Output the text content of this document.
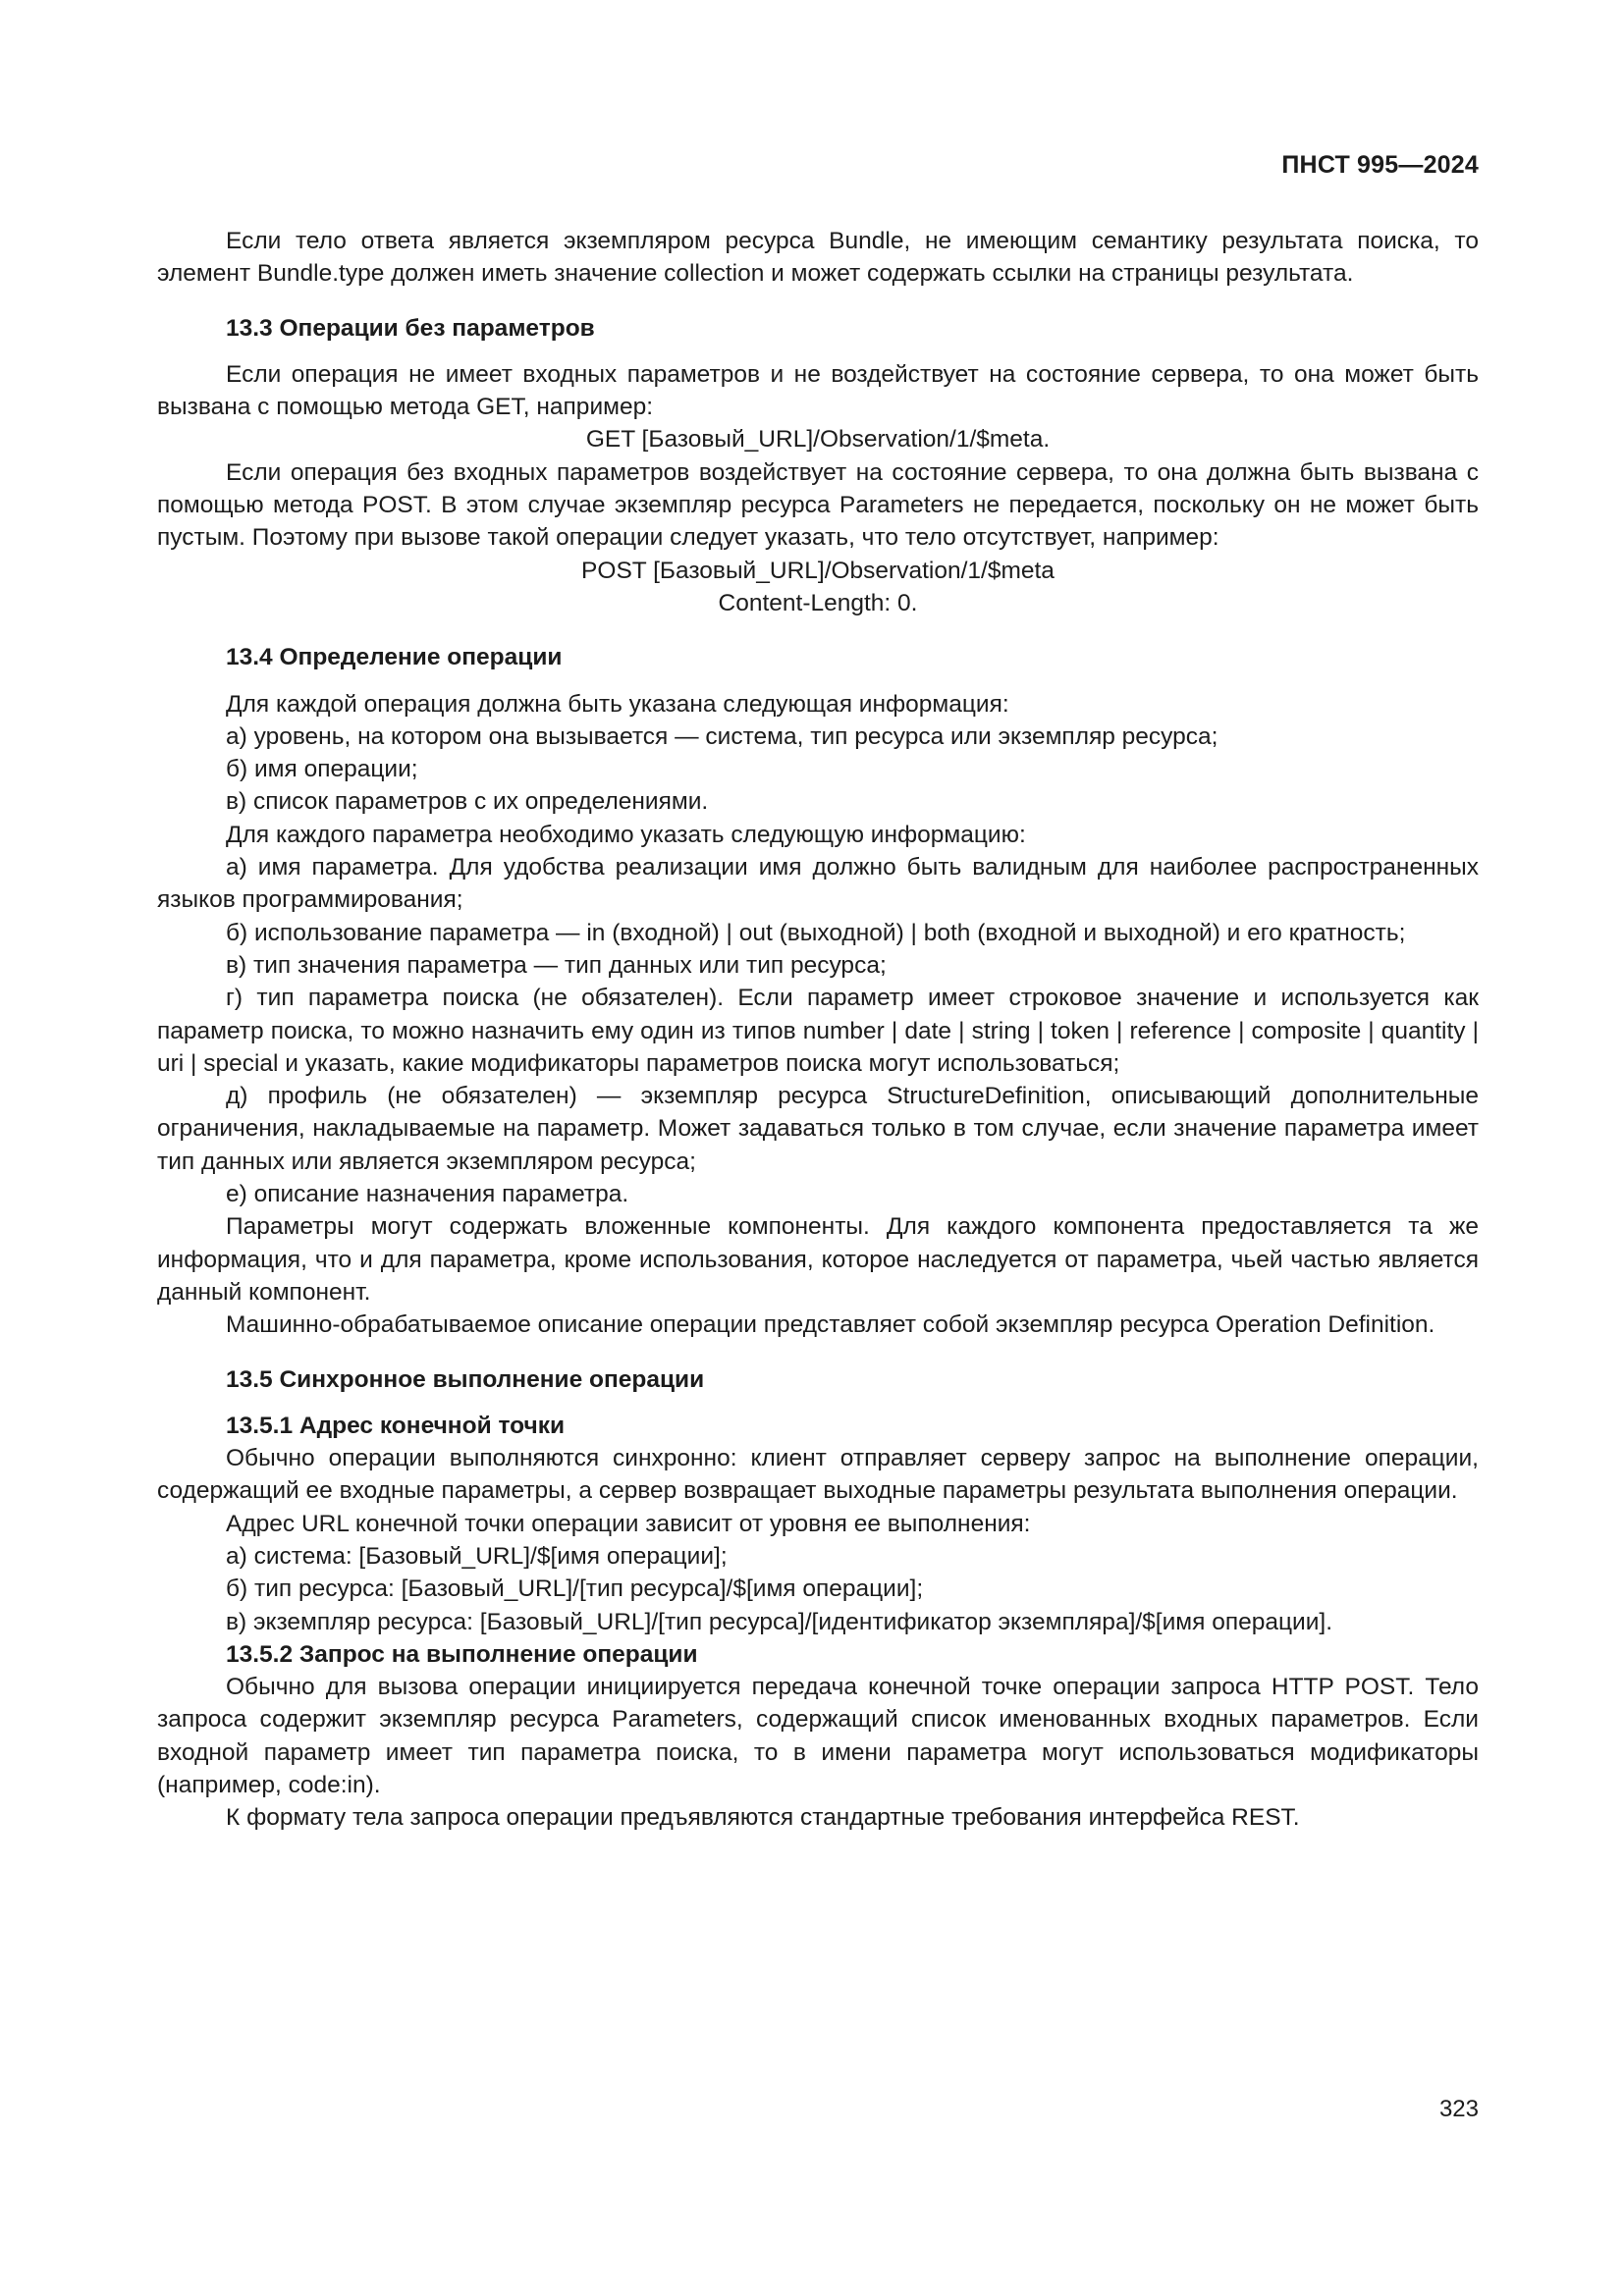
ПНСТ 995—2024

Если тело ответа является экземпляром ресурса Bundle, не имеющим семантику результата поиска, то элемент Bundle.type должен иметь значение collection и может содержать ссылки на страницы результата.

13.3 Операции без параметров

Если операция не имеет входных параметров и не воздействует на состояние сервера, то она может быть вызвана с помощью метода GET, например:

GET [Базовый_URL]/Observation/1/$meta.

Если операция без входных параметров воздействует на состояние сервера, то она должна быть вызвана с помощью метода POST. В этом случае экземпляр ресурса Parameters не передается, поскольку он не может быть пустым. Поэтому при вызове такой операции следует указать, что тело отсутствует, например:

POST [Базовый_URL]/Observation/1/$meta

Content-Length: 0.

13.4 Определение операции

Для каждой операция должна быть указана следующая информация:

а) уровень, на котором она вызывается — система, тип ресурса или экземпляр ресурса;

б) имя операции;

в) список параметров с их определениями.

Для каждого параметра необходимо указать следующую информацию:

а) имя параметра. Для удобства реализации имя должно быть валидным для наиболее распространенных языков программирования;

б) использование параметра — in (входной) | out (выходной) | both (входной и выходной) и его кратность;

в) тип значения параметра — тип данных или тип ресурса;

г) тип параметра поиска (не обязателен). Если параметр имеет строковое значение и используется как параметр поиска, то можно назначить ему один из типов number | date | string | token | reference | composite | quantity | uri | special и указать, какие модификаторы параметров поиска могут использоваться;

д) профиль (не обязателен) — экземпляр ресурса StructureDefinition, описывающий дополнительные ограничения, накладываемые на параметр. Может задаваться только в том случае, если значение параметра имеет тип данных или является экземпляром ресурса;

е) описание назначения параметра.

Параметры могут содержать вложенные компоненты. Для каждого компонента предоставляется та же информация, что и для параметра, кроме использования, которое наследуется от параметра, чьей частью является данный компонент.

Машинно-обрабатываемое описание операции представляет собой экземпляр ресурса Operation Definition.

13.5 Синхронное выполнение операции
13.5.1 Адрес конечной точки

Обычно операции выполняются синхронно: клиент отправляет серверу запрос на выполнение операции, содержащий ее входные параметры, а сервер возвращает выходные параметры результата выполнения операции.

Адрес URL конечной точки операции зависит от уровня ее выполнения:

а) система: [Базовый_URL]/$[имя операции];

б) тип ресурса: [Базовый_URL]/[тип ресурса]/$[имя операции];

в) экземпляр ресурса: [Базовый_URL]/[тип ресурса]/[идентификатор экземпляра]/$[имя операции].

13.5.2 Запрос на выполнение операции

Обычно для вызова операции инициируется передача конечной точке операции запроса HTTP POST. Тело запроса содержит экземпляр ресурса Parameters, содержащий список именованных входных параметров. Если входной параметр имеет тип параметра поиска, то в имени параметра могут использоваться модификаторы (например, code:in).

К формату тела запроса операции предъявляются стандартные требования интерфейса REST.

323
